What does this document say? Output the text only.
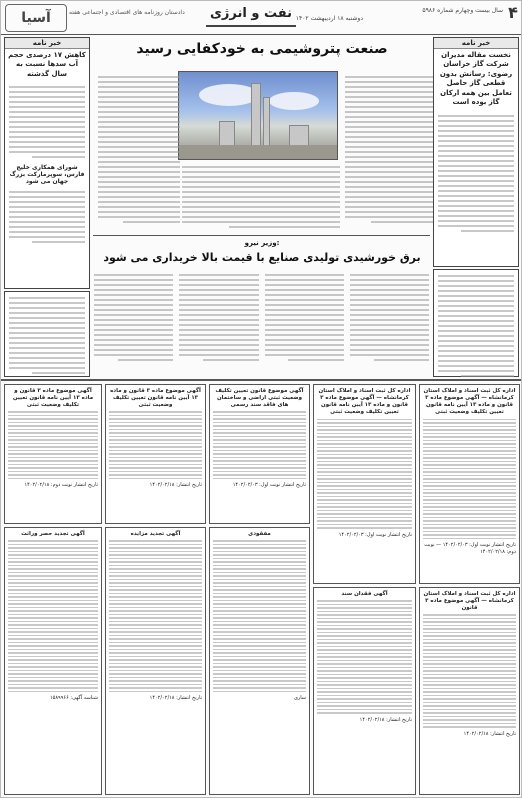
آسیا	دادستان روزنامه های اقتصادی و اجتماعی هفته	نفت و انرژی دوشنبه ۱۸ اردیبهشت ۱۴۰۲
سال بیست وچهارم شماره ۵۹۸۶ ۴
خبر نامه
نخست مقاله مدیران شرکت گاز خراسان رضوی: رسانش بدون قطعی گاز حاصل تعامل بین همه ارکان گاز بوده است
خبر نامه
کاهش ۱۷ درصدی حجم آب سدها نسبت به سال گذشته
شورای همکاری خلیج فارس، سوپرمارکت بزرگ جهان می شود
صنعت پتروشیمی به خودکفایی رسید
وزیر نیرو:
برق خورشیدی تولیدی صنایع با قیمت بالا خریداری می شود
اداره کل ثبت اسناد و املاک استان کرمانشاه — آگهی موضوع ماده ۳ قانون و ماده ۱۳ آیین نامه قانون تعیین تکلیف وضعیت ثبتی
تاریخ انتشار نوبت اول: ۱۴۰۲/۰۲/۰۳ — نوبت دوم: ۱۴۰۲/۰۲/۱۸
اداره کل ثبت اسناد و املاک استان کرمانشاه — آگهی موضوع ماده ۳ قانون و ماده ۱۳ آیین نامه قانون تعیین تکلیف وضعیت ثبتی
تاریخ انتشار نوبت اول: ۱۴۰۲/۰۲/۰۳
آگهی موضوع قانون تعیین تکلیف وضعیت ثبتی اراضی و ساختمان های فاقد سند رسمی
تاریخ انتشار نوبت اول: ۱۴۰۲/۰۲/۰۳
آگهی موضوع ماده ۳ قانون و ماده ۱۳ آیین نامه قانون تعیین تکلیف وضعیت ثبتی
تاریخ انتشار: ۱۴۰۲/۰۲/۱۸
آگهی موضوع ماده ۳ قانون و ماده ۱۳ آیین نامه قانون تعیین تکلیف وضعیت ثبتی
تاریخ انتشار نوبت دوم: ۱۴۰۲/۰۲/۱۸
اداره کل ثبت اسناد و املاک استان کرمانشاه — آگهی موضوع ماده ۳ قانون
تاریخ انتشار: ۱۴۰۲/۰۲/۱۸
آگهی فقدان سند
تاریخ انتشار: ۱۴۰۲/۰۲/۱۸
مفقودی
ساری
آگهی تجدید مزایده
تاریخ انتشار: ۱۴۰۲/۰۲/۱۸
آگهی تجدید حصر وراثت
شناسه آگهی: ۱۵۸۹۹۶۶
